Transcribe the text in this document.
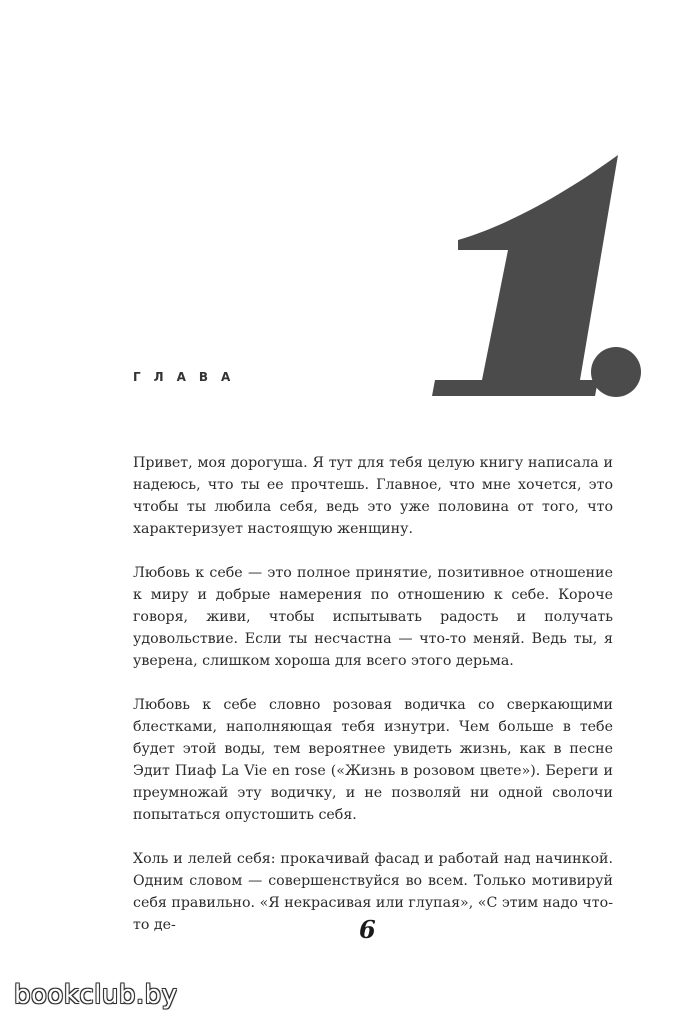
ГЛАВА

Привет, моя дорогуша. Я тут для тебя целую книгу написала и надеюсь, что ты ее прочтешь. Главное, что мне хочется, это чтобы ты любила себя, ведь это уже половина от того, что характеризует настоящую женщину.

Любовь к себе — это полное принятие, позитивное отношение к миру и добрые намерения по отношению к себе. Короче говоря, живи, чтобы испытывать радость и получать удовольствие. Если ты несчастна — что-то меняй. Ведь ты, я уверена, слишком хороша для всего этого дерьма.

Любовь к себе словно розовая водичка со сверкающими блестками, наполняющая тебя изнутри. Чем больше в тебе будет этой воды, тем вероятнее увидеть жизнь, как в песне Эдит Пиаф La Vie en rose («Жизнь в розовом цвете»). Береги и преумножай эту водичку, и не позволяй ни одной сволочи попытаться опустошить себя.

Холь и лелей себя: прокачивай фасад и работай над начинкой. Одним словом — совершенствуйся во всем. Только мотивируй себя правильно. «Я некрасивая или глупая», «С этим надо что-то де-	6
bookclub.by
